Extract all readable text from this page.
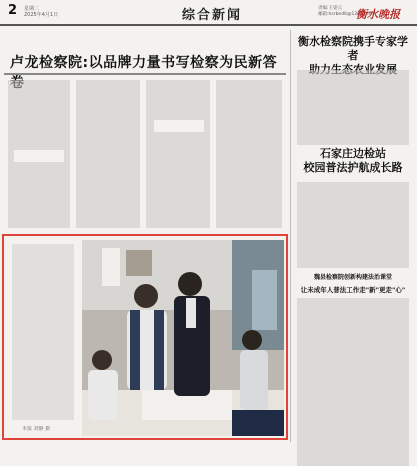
2 星期二
2025年4月1日	综合新闻	责编:王姿云
邮箱:hsrbedit@126.com
衡水晚报
卢龙检察院:以品牌力量书写检察为民新答
衡水检察院携手专家学者
石家庄边检站
校园普法护航成长路
魏县检察院创新构建法治课堂
让未成年人普法工作走"新"更走"心"
本报 刘静 摄
